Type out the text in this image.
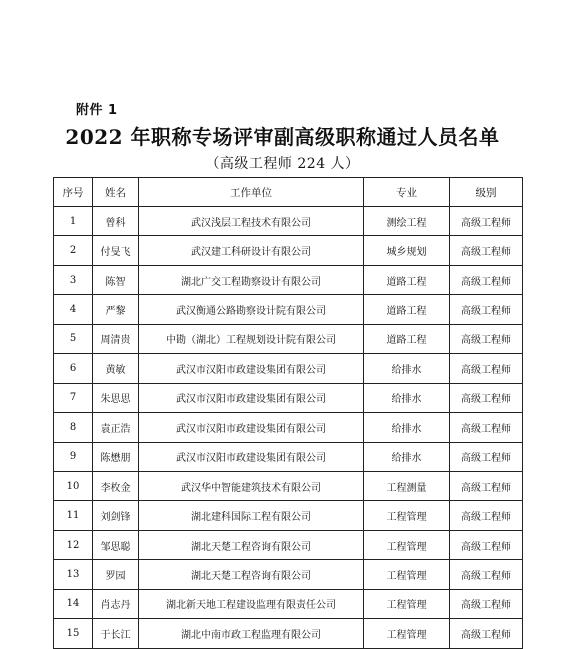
附件 1
2022 年职称专场评审副高级职称通过人员名单
（高级工程师 224 人）
序号	姓名	工作单位	专业	级别
1	曾科	武汉浅层工程技术有限公司	测绘工程	高级工程师
2	付旻飞	武汉建工科研设计有限公司	城乡规划	高级工程师
3	陈智	湖北广交工程勘察设计有限公司	道路工程	高级工程师
4	严黎	武汉衡通公路勘察设计院有限公司	道路工程	高级工程师
5	周清贵	中勘（湖北）工程规划设计院有限公司	道路工程	高级工程师
6	黄敏	武汉市汉阳市政建设集团有限公司	给排水	高级工程师
7	朱思思	武汉市汉阳市政建设集团有限公司	给排水	高级工程师
8	袁正浩	武汉市汉阳市政建设集团有限公司	给排水	高级工程师
9	陈懋朋	武汉市汉阳市政建设集团有限公司	给排水	高级工程师
10	李枚金	武汉华中智能建筑技术有限公司	工程测量	高级工程师
11	刘剑锋	湖北建科国际工程有限公司	工程管理	高级工程师
12	邹思聪	湖北天楚工程咨询有限公司	工程管理	高级工程师
13	罗园	湖北天楚工程咨询有限公司	工程管理	高级工程师
14	肖志丹	湖北新天地工程建设监理有限责任公司	工程管理	高级工程师
15	于长江	湖北中南市政工程监理有限公司	工程管理	高级工程师
